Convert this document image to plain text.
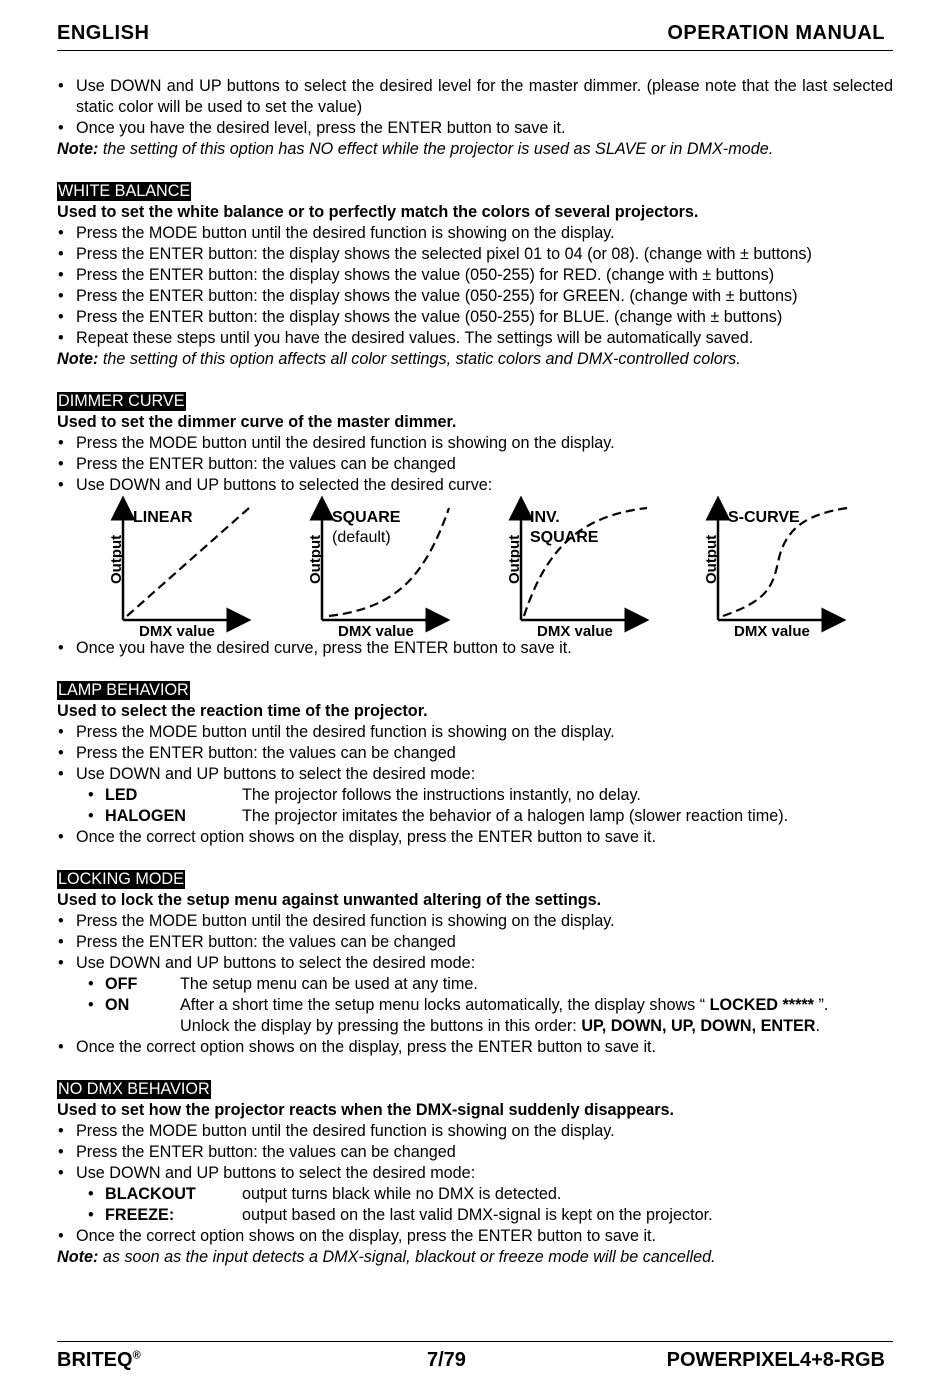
ENGLISH	OPERATION MANUAL
• Use DOWN and UP buttons to select the desired level for the master dimmer. (please note that the last selected static color will be used to set the value)
• Once you have the desired level, press the ENTER button to save it.
Note: the setting of this option has NO effect while the projector is used as SLAVE or in DMX-mode.
WHITE BALANCE
Used to set the white balance or to perfectly match the colors of several projectors.
• Press the MODE button until the desired function is showing on the display.
• Press the ENTER button: the display shows the selected pixel 01 to 04 (or 08). (change with ± buttons)
• Press the ENTER button: the display shows the value (050-255) for RED. (change with ± buttons)
• Press the ENTER button: the display shows the value (050-255) for GREEN. (change with ± buttons)
• Press the ENTER button: the display shows the value (050-255) for BLUE. (change with ± buttons)
• Repeat these steps until you have the desired values. The settings will be automatically saved.
Note: the setting of this option affects all color settings, static colors and DMX-controlled colors.
DIMMER CURVE
Used to set the dimmer curve of the master dimmer.
• Press the MODE button until the desired function is showing on the display.
• Press the ENTER button: the values can be changed
• Use DOWN and UP buttons to selected the desired curve:
LINEAR
Output
DMX value
SQUARE
(default)
Output
DMX value
INV.
SQUARE
Output
DMX value
S-CURVE
Output
DMX value
• Once you have the desired curve, press the ENTER button to save it.
LAMP BEHAVIOR
Used to select the reaction time of the projector.
• Press the MODE button until the desired function is showing on the display.
• Press the ENTER button: the values can be changed
• Use DOWN and UP buttons to select the desired mode:
• LED	The projector follows the instructions instantly, no delay.
• HALOGEN	The projector imitates the behavior of a halogen lamp (slower reaction time).
• Once the correct option shows on the display, press the ENTER button to save it.
LOCKING MODE
Used to lock the setup menu against unwanted altering of the settings.
• Press the MODE button until the desired function is showing on the display.
• Press the ENTER button: the values can be changed
• Use DOWN and UP buttons to select the desired mode:
• OFF	The setup menu can be used at any time.
• ON	After a short time the setup menu locks automatically, the display shows “ LOCKED ***** ”.
Unlock the display by pressing the buttons in this order: UP, DOWN, UP, DOWN, ENTER.
• Once the correct option shows on the display, press the ENTER button to save it.
NO DMX BEHAVIOR
Used to set how the projector reacts when the DMX-signal suddenly disappears.
• Press the MODE button until the desired function is showing on the display.
• Press the ENTER button: the values can be changed
• Use DOWN and UP buttons to select the desired mode:
• BLACKOUT	output turns black while no DMX is detected.
• FREEZE:	output based on the last valid DMX-signal is kept on the projector.
• Once the correct option shows on the display, press the ENTER button to save it.
Note: as soon as the input detects a DMX-signal, blackout or freeze mode will be cancelled.
BRITEQ®	7/79	POWERPIXEL4+8-RGB
